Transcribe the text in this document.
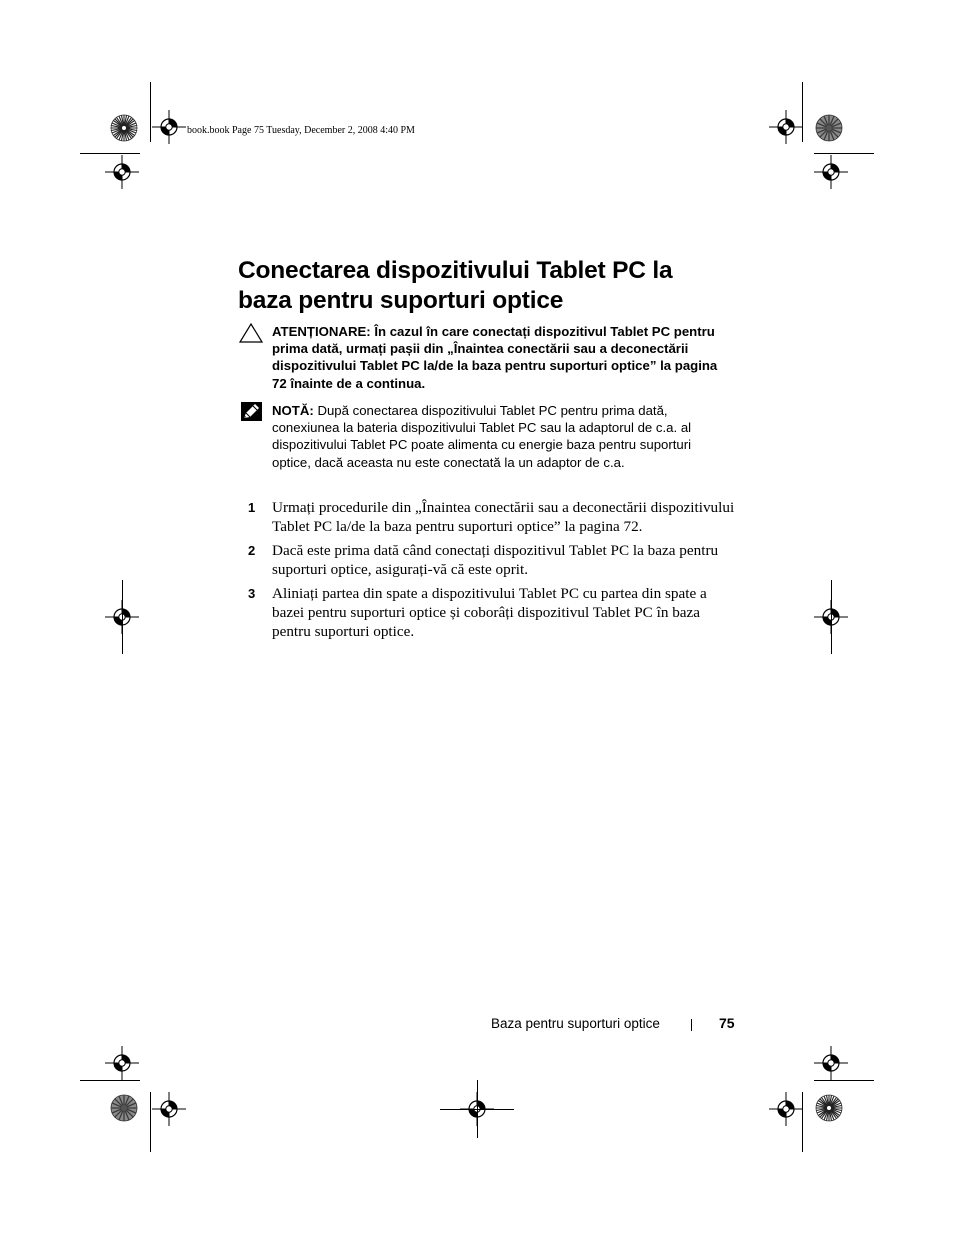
book.book Page 75 Tuesday, December 2, 2008 4:40 PM
Conectarea dispozitivului Tablet PC la
baza pentru suporturi optice
ATENȚIONARE: În cazul în care conectați dispozitivul Tablet PC pentru prima dată, urmați pașii din „Înaintea conectării sau a deconectării dispozitivului Tablet PC la/de la baza pentru suporturi optice” la pagina 72 înainte de a continua.
NOTĂ: După conectarea dispozitivului Tablet PC pentru prima dată, conexiunea la bateria dispozitivului Tablet PC sau la adaptorul de c.a. al dispozitivului Tablet PC poate alimenta cu energie baza pentru suporturi optice, dacă aceasta nu este conectată la un adaptor de c.a.
1 Urmați procedurile din „Înaintea conectării sau a deconectării dispozitivului Tablet PC la/de la baza pentru suporturi optice” la pagina 72.
2 Dacă este prima dată când conectați dispozitivul Tablet PC la baza pentru suporturi optice, asigurați-vă că este oprit.
3 Aliniați partea din spate a dispozitivului Tablet PC cu partea din spate a bazei pentru suporturi optice și coborâți dispozitivul Tablet PC în baza pentru suporturi optice.
Baza pentru suporturi optice	75
